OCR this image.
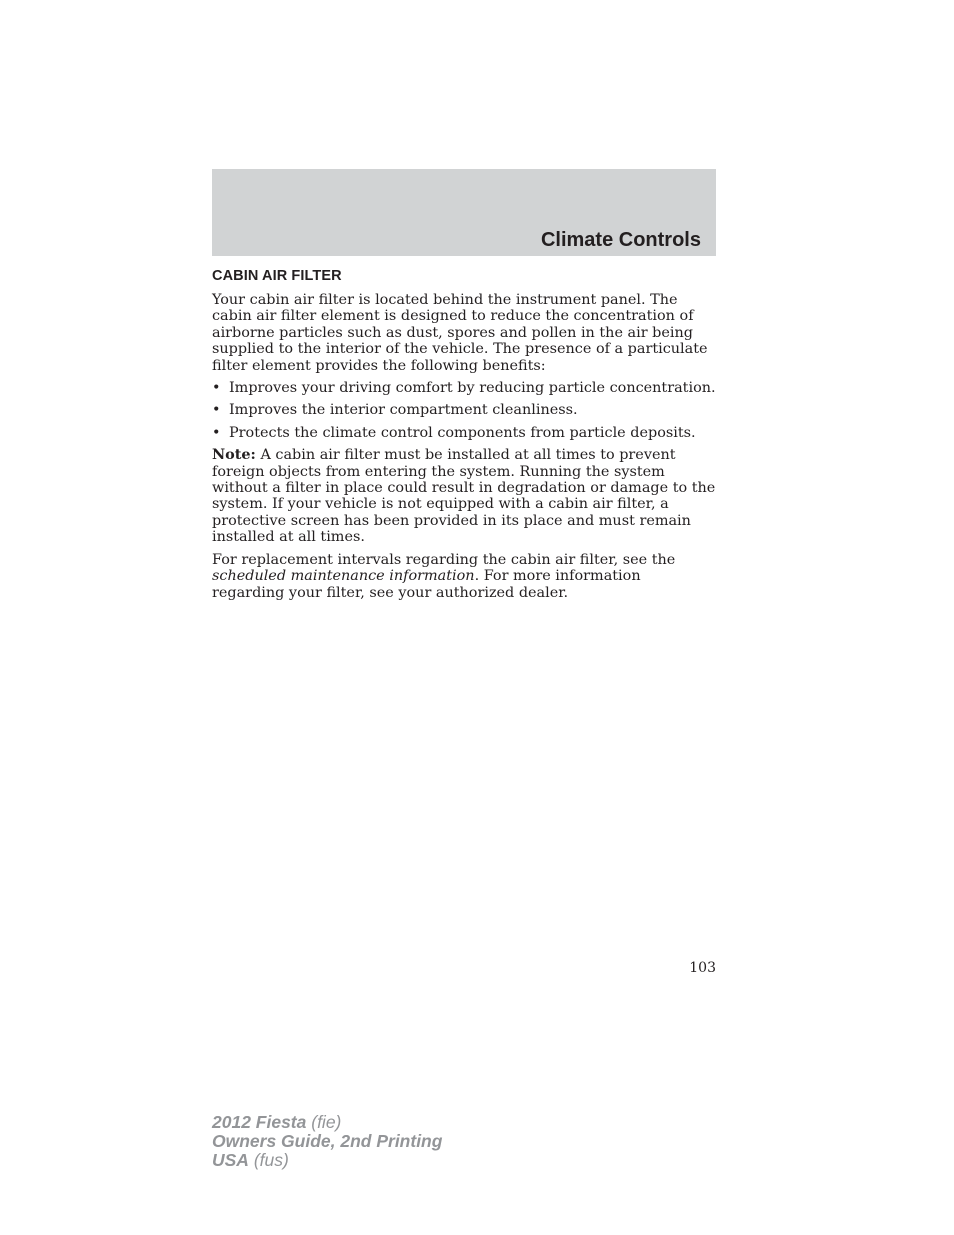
Climate Controls
CABIN AIR FILTER

Your cabin air filter is located behind the instrument panel. The cabin air filter element is designed to reduce the concentration of airborne particles such as dust, spores and pollen in the air being supplied to the interior of the vehicle. The presence of a particulate filter element provides the following benefits:

• Improves your driving comfort by reducing particle concentration.
• Improves the interior compartment cleanliness.
• Protects the climate control components from particle deposits.

Note: A cabin air filter must be installed at all times to prevent foreign objects from entering the system. Running the system without a filter in place could result in degradation or damage to the system. If your vehicle is not equipped with a cabin air filter, a protective screen has been provided in its place and must remain installed at all times.

For replacement intervals regarding the cabin air filter, see the scheduled maintenance information. For more information regarding your filter, see your authorized dealer.

103
2012 Fiesta (fie)
Owners Guide, 2nd Printing
USA (fus)
